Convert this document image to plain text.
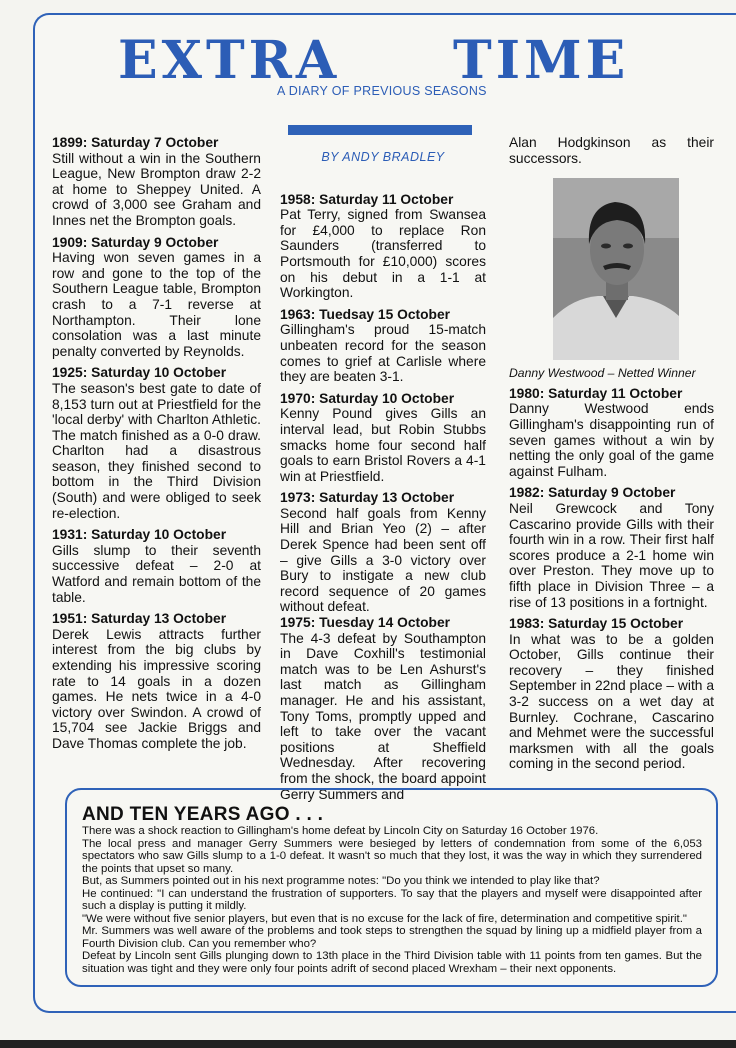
EXTRA TIME
A DIARY OF PREVIOUS SEASONS

1899: Saturday 7 October
Still without a win in the Southern League, New Brompton draw 2-2 at home to Sheppey United. A crowd of 3,000 see Graham and Innes net the Brompton goals.

1909: Saturday 9 October
Having won seven games in a row and gone to the top of the Southern League table, Brompton crash to a 7-1 reverse at Northampton. Their lone consolation was a last minute penalty converted by Reynolds.

1925: Saturday 10 October
The season's best gate to date of 8,153 turn out at Priestfield for the 'local derby' with Charlton Athletic. The match finished as a 0-0 draw. Charlton had a disastrous season, they finished second to bottom in the Third Division (South) and were obliged to seek re-election.

1931: Saturday 10 October
Gills slump to their seventh successive defeat – 2-0 at Watford and remain bottom of the table.

1951: Saturday 13 October
Derek Lewis attracts further interest from the big clubs by extending his impressive scoring rate to 14 goals in a dozen games. He nets twice in a 4-0 victory over Swindon. A crowd of 15,704 see Jackie Briggs and Dave Thomas complete the job.

BY ANDY BRADLEY

1958: Saturday 11 October
Pat Terry, signed from Swansea for £4,000 to replace Ron Saunders (transferred to Portsmouth for £10,000) scores on his debut in a 1-1 at Workington.

1963: Tuedsay 15 October
Gillingham's proud 15-match unbeaten record for the season comes to grief at Carlisle where they are beaten 3-1.

1970: Saturday 10 October
Kenny Pound gives Gills an interval lead, but Robin Stubbs smacks home four second half goals to earn Bristol Rovers a 4-1 win at Priestfield.

1973: Saturday 13 October
Second half goals from Kenny Hill and Brian Yeo (2) – after Derek Spence had been sent off – give Gills a 3-0 victory over Bury to instigate a new club record sequence of 20 games without defeat.

1975: Tuesday 14 October
The 4-3 defeat by Southampton in Dave Coxhill's testimonial match was to be Len Ashurst's last match as Gillingham manager. He and his assistant, Tony Toms, promptly upped and left to take over the vacant positions at Sheffield Wednesday. After recovering from the shock, the board appoint Gerry Summers and

Alan Hodgkinson as their successors.

Danny Westwood – Netted Winner

1980: Saturday 11 October
Danny Westwood ends Gillingham's disappointing run of seven games without a win by netting the only goal of the game against Fulham.

1982: Saturday 9 October
Neil Grewcock and Tony Cascarino provide Gills with their fourth win in a row. Their first half scores produce a 2-1 home win over Preston. They move up to fifth place in Division Three – a rise of 13 positions in a fortnight.

1983: Saturday 15 October
In what was to be a golden October, Gills continue their recovery – they finished September in 22nd place – with a 3-2 success on a wet day at Burnley. Cochrane, Cascarino and Mehmet were the successful marksmen with all the goals coming in the second period.

AND TEN YEARS AGO . . .

There was a shock reaction to Gillingham's home defeat by Lincoln City on Saturday 16 October 1976.

The local press and manager Gerry Summers were besieged by letters of condemnation from some of the 6,053 spectators who saw Gills slump to a 1-0 defeat. It wasn't so much that they lost, it was the way in which they surrendered the points that upset so many.

But, as Summers pointed out in his next programme notes: "Do you think we intended to play like that?

He continued: "I can understand the frustration of supporters. To say that the players and myself were disappointed after such a display is putting it mildly.

"We were without five senior players, but even that is no excuse for the lack of fire, determination and competitive spirit."

Mr. Summers was well aware of the problems and took steps to strengthen the squad by lining up a midfield player from a Fourth Division club. Can you remember who?

Defeat by Lincoln sent Gills plunging down to 13th place in the Third Division table with 11 points from ten games. But the situation was tight and they were only four points adrift of second placed Wrexham – their next opponents.
